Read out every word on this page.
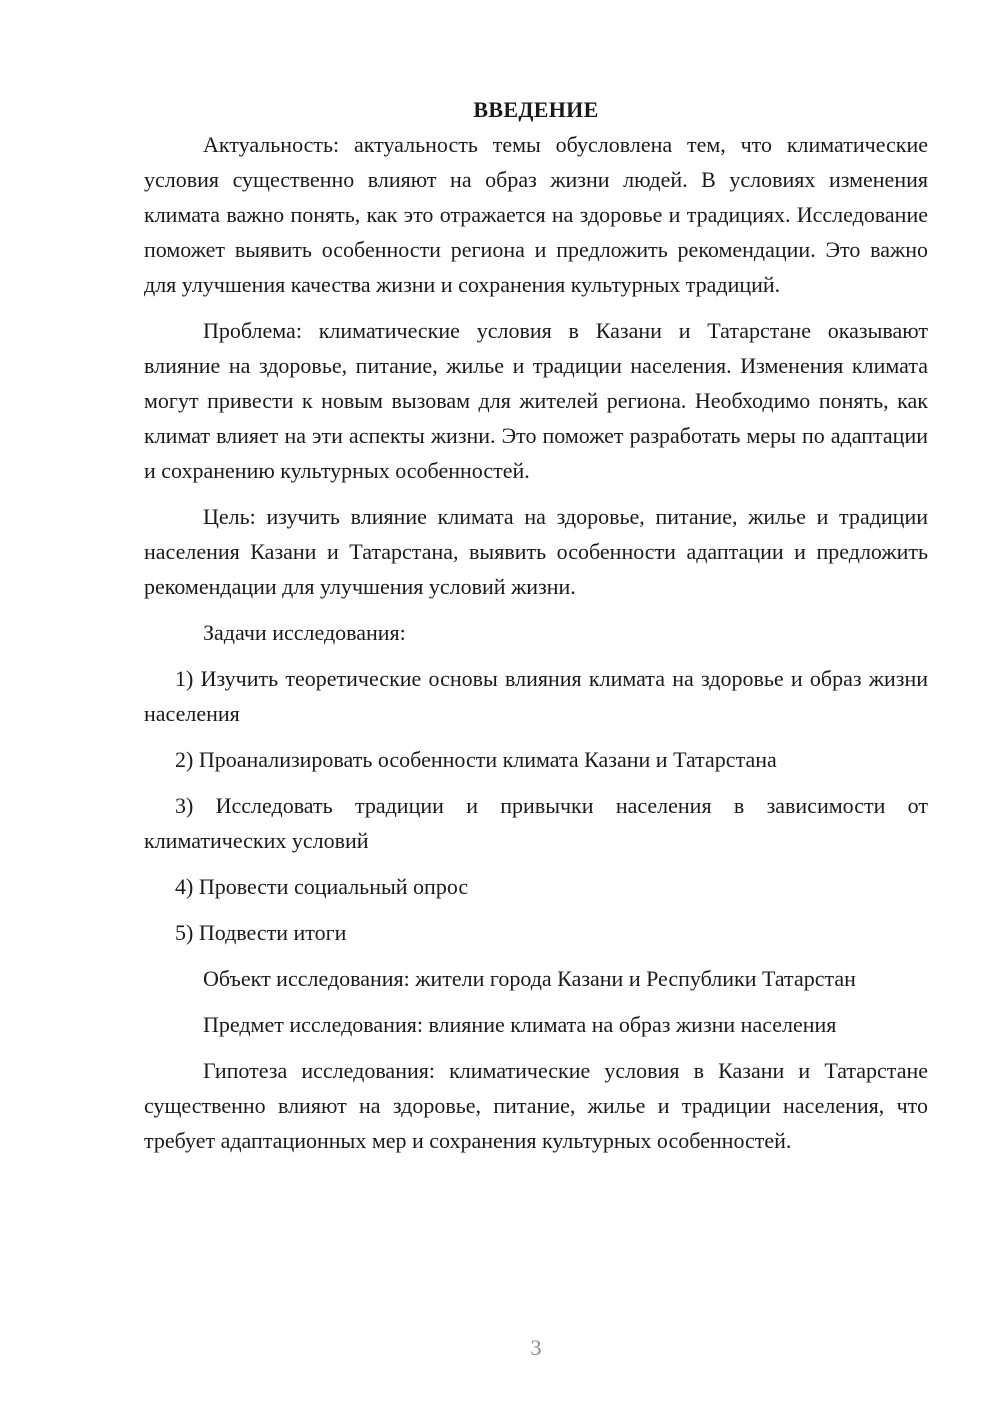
ВВЕДЕНИЕ

Актуальность: актуальность темы обусловлена тем, что климатические условия существенно влияют на образ жизни людей. В условиях изменения климата важно понять, как это отражается на здоровье и традициях. Исследование поможет выявить особенности региона и предложить рекомендации. Это важно для улучшения качества жизни и сохранения культурных традиций.

Проблема: климатические условия в Казани и Татарстане оказывают влияние на здоровье, питание, жилье и традиции населения. Изменения климата могут привести к новым вызовам для жителей региона. Необходимо понять, как климат влияет на эти аспекты жизни. Это поможет разработать меры по адаптации и сохранению культурных особенностей.

Цель: изучить влияние климата на здоровье, питание, жилье и традиции населения Казани и Татарстана, выявить особенности адаптации и предложить рекомендации для улучшения условий жизни.

Задачи исследования:

1) Изучить теоретические основы влияния климата на здоровье и образ жизни населения

2) Проанализировать особенности климата Казани и Татарстана

3) Исследовать традиции и привычки населения в зависимости от климатических условий

4) Провести социальный опрос

5) Подвести итоги

Объект исследования: жители города Казани и Республики Татарстан

Предмет исследования: влияние климата на образ жизни населения

Гипотеза исследования: климатические условия в Казани и Татарстане существенно влияют на здоровье, питание, жилье и традиции населения, что требует адаптационных мер и сохранения культурных особенностей.

3
